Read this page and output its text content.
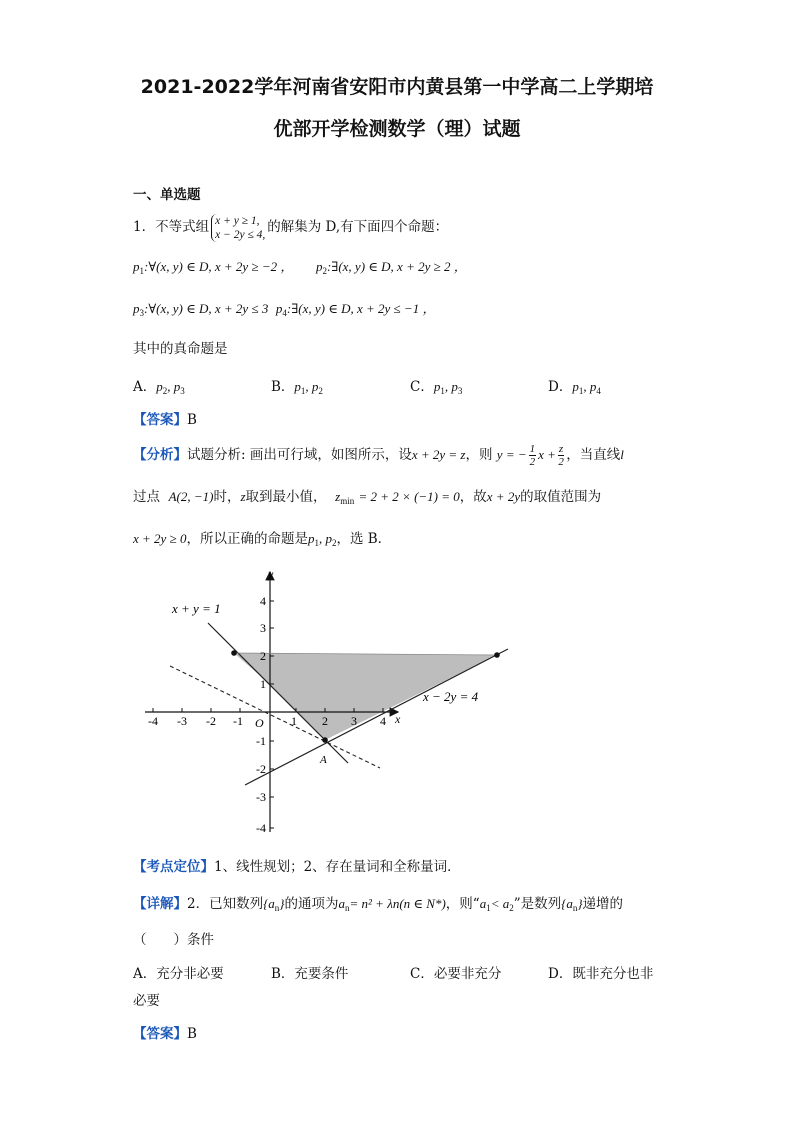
2021-2022学年河南省安阳市内黄县第一中学高二上学期培
优部开学检测数学（理）试题
一、单选题
1．不等式组 x + y ≥ 1,
x − 2y ≤ 4, 的解集为 D,有下面四个命题：
$p_1:\forall(x$, y) ∈ D, x + 2y ≥ −2 ， $p_2:\exists(x$, y) ∈ D, x + 2y ≥ 2 ，
$p_3:\forall(x$, y) ∈ D, x + 2y ≤ 3  $p_4:\exists(x$, y) ∈ D, x + 2y ≤ −1 ，
其中的真命题是
A．$p_2$, $p_3$	B．$p_1$, $p_2$	C．$p_1$, $p_3$	D．$p_1$, $p_4$
【答案】B
【分析】试题分析: 画出可行域，如图所示，设x + 2y = z，则 y = − $\frac{1}{2}$ $x + \frac{z}{2}$ ，当直线l
过点 A(2, −1)时，z取到最小值， $z_{min} = 2 + 2 \times (-1) = 0$，故x + 2y的取值范围为
x + 2y ≥ 0，所以正确的命题是$p_1$, $p_2$，选 B．
x + y = 1
x − 2y = 4
x
y
O
A
-4 -3 -2 -1	1 2 3 4
4
3
2
1
-1
-2
-3
-4
【考点定位】1、线性规划；2、存在量词和全称量词．
【详解】2．已知数列$\{a_n\}$的通项为$a_n= n^2 + \lambda n(n$ ∈ N*)，则“$a_1< a_2$”是数列$\{a_n\}$递增的
（　　）条件
A．充分非必要	B．充要条件	C．必要非充分	D．既非充分也非
必要
【答案】B
